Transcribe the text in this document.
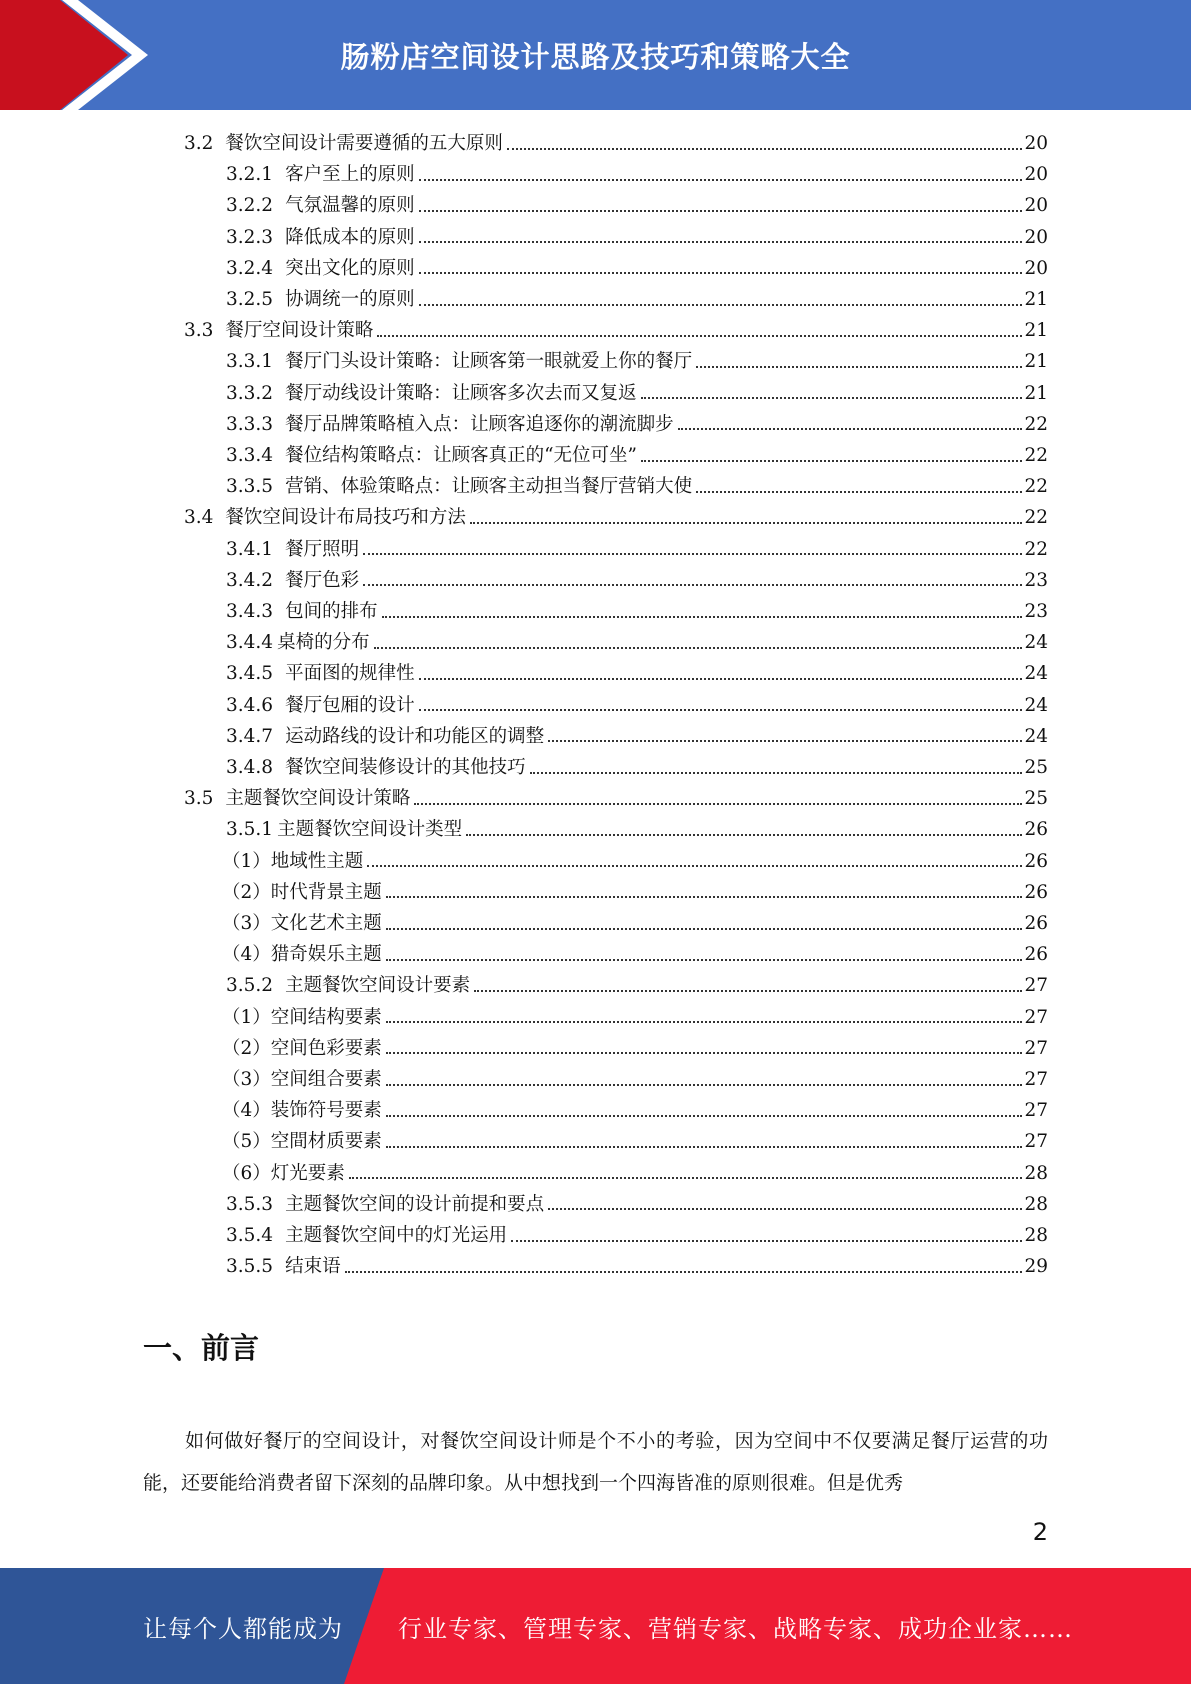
肠粉店空间设计思路及技巧和策略大全
3.2 餐饮空间设计需要遵循的五大原则	20
3.2.1 客户至上的原则	20
3.2.2 气氛温馨的原则	20
3.2.3 降低成本的原则	20
3.2.4 突出文化的原则	20
3.2.5 协调统一的原则	21
3.3 餐厅空间设计策略	21
3.3.1 餐厅门头设计策略：让顾客第一眼就爱上你的餐厅	21
3.3.2 餐厅动线设计策略：让顾客多次去而又复返	21
3.3.3 餐厅品牌策略植入点：让顾客追逐你的潮流脚步	22
3.3.4 餐位结构策略点：让顾客真正的“无位可坐”	22
3.3.5 营销、体验策略点：让顾客主动担当餐厅营销大使	22
3.4 餐饮空间设计布局技巧和方法	22
3.4.1 餐厅照明	22
3.4.2 餐厅色彩	23
3.4.3 包间的排布	23
3.4.4 桌椅的分布	24
3.4.5 平面图的规律性	24
3.4.6 餐厅包厢的设计	24
3.4.7 运动路线的设计和功能区的调整	24
3.4.8 餐饮空间装修设计的其他技巧	25
3.5 主题餐饮空间设计策略	25
3.5.1 主题餐饮空间设计类型	26
（1） 地域性主题	26
（2） 时代背景主题	26
（3） 文化艺术主题	26
（4） 猎奇娱乐主题	26
3.5.2 主题餐饮空间设计要素	27
（1） 空间结构要素	27
（2） 空间色彩要素	27
（3） 空间组合要素	27
（4） 装饰符号要素	27
（5） 空間材质要素	27
（6） 灯光要素	28
3.5.3 主题餐饮空间的设计前提和要点	28
3.5.4 主题餐饮空间中的灯光运用	28
3.5.5 结束语	29
一、前言
如何做好餐厅的空间设计，对餐饮空间设计师是个不小的考验，因为空间中不仅要满足餐厅运营的功能，还要能给消费者留下深刻的品牌印象。从中想找到一个四海皆准的原则很难。但是优秀
2
让每个人都能成为 行业专家、管理专家、营销专家、战略专家、成功企业家……
